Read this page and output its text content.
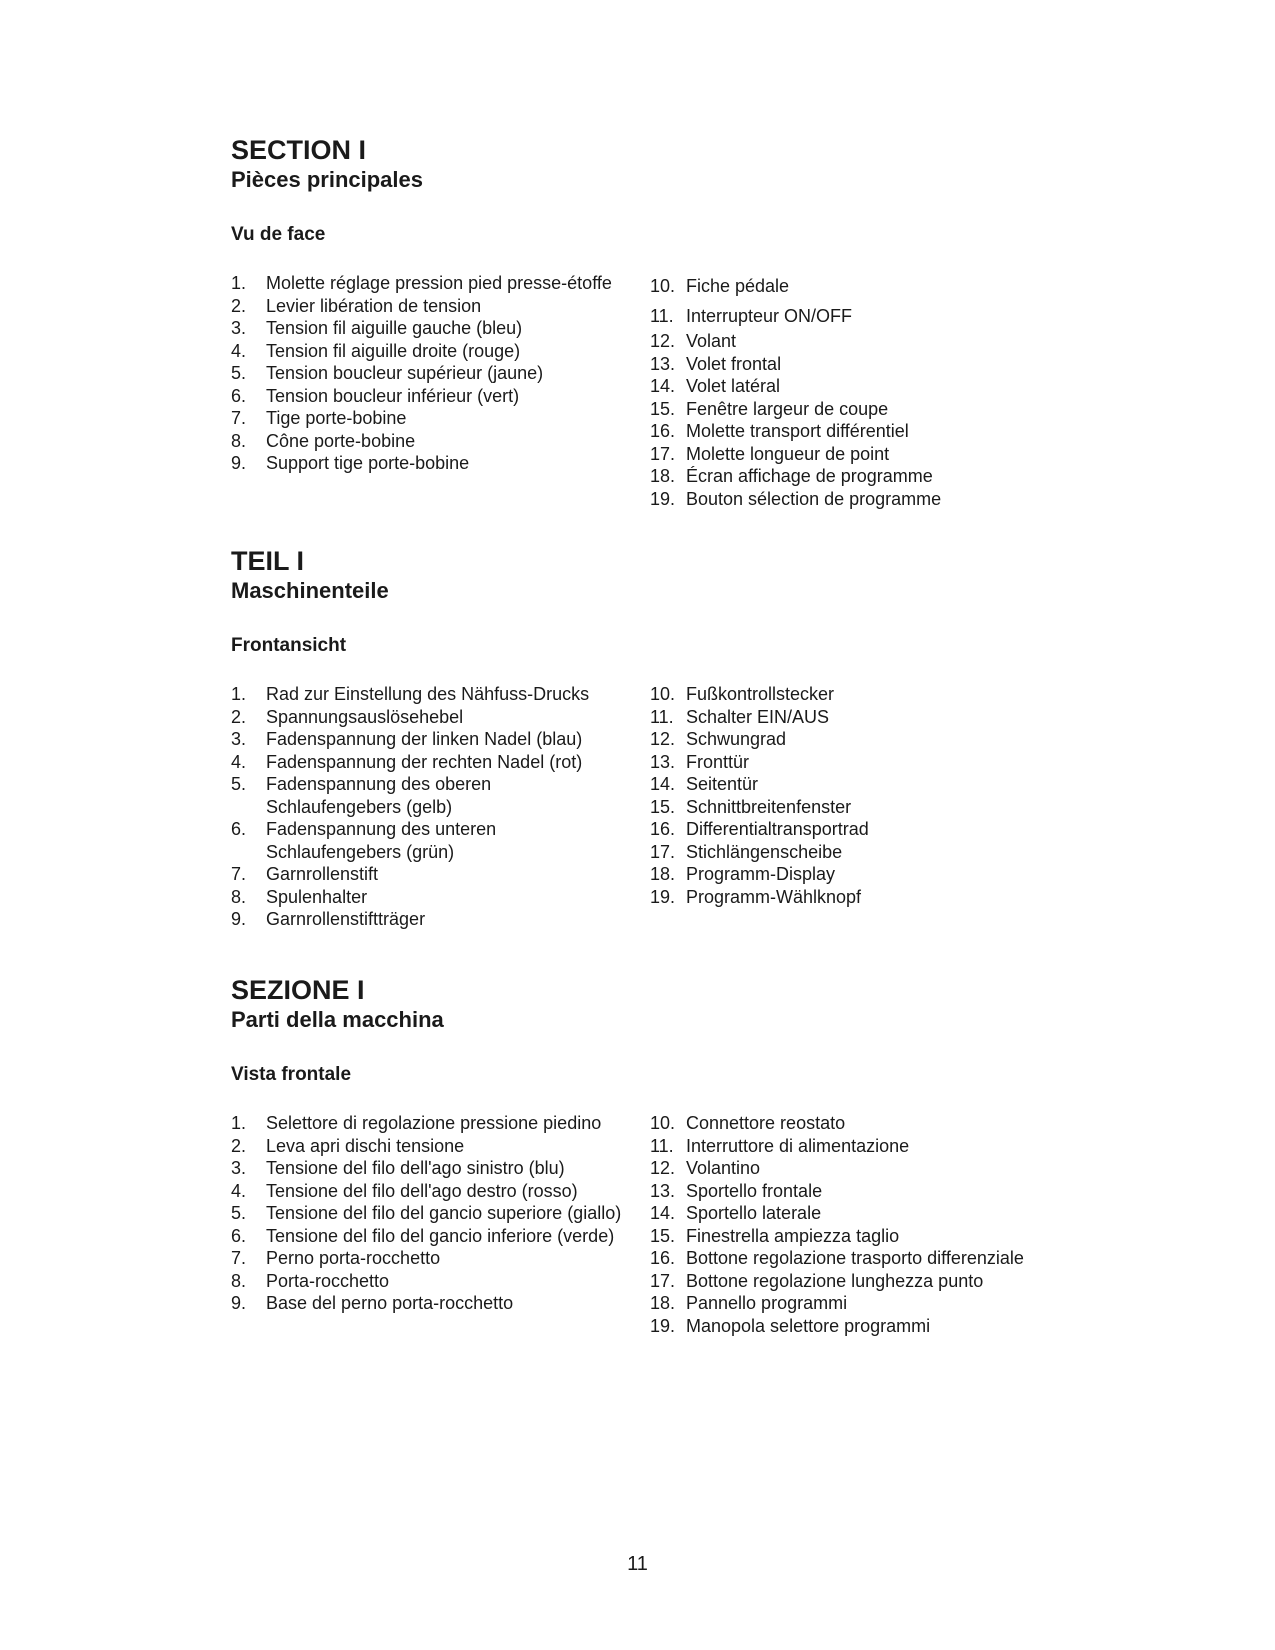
SECTION I
Pièces principales
Vu de face
1.	Molette réglage pression pied presse-étoffe
2.	Levier libération de tension
3.	Tension fil aiguille gauche (bleu)
4.	Tension fil aiguille droite (rouge)
5.	Tension boucleur supérieur (jaune)
6.	Tension boucleur inférieur (vert)
7.	Tige porte-bobine
8.	Cône porte-bobine
9.	Support tige porte-bobine
10. Fiche pédale
11. Interrupteur ON/OFF
12. Volant
13. Volet frontal
14. Volet latéral
15. Fenêtre largeur de coupe
16. Molette transport différentiel
17. Molette longueur de point
18. Écran affichage de programme
19. Bouton sélection de programme
TEIL I
Maschinenteile
Frontansicht
1.	Rad zur Einstellung des Nähfuss-Drucks
2.	Spannungsauslösehebel
3.	Fadenspannung der linken Nadel (blau)
4.	Fadenspannung der rechten Nadel (rot)
5.	Fadenspannung des oberen Schlaufengebers (gelb)
6.	Fadenspannung des unteren Schlaufengebers (grün)
7.	Garnrollenstift
8.	Spulenhalter
9.	Garnrollenstiftträger
10. Fußkontrollstecker
11. Schalter EIN/AUS
12. Schwungrad
13. Fronttür
14. Seitentür
15. Schnittbreitenfenster
16. Differentialtransportrad
17. Stichlängenscheibe
18. Programm-Display
19. Programm-Wählknopf
SEZIONE I
Parti della macchina
Vista frontale
1.	Selettore di regolazione pressione piedino
2.	Leva apri dischi tensione
3.	Tensione del filo dell'ago sinistro (blu)
4.	Tensione del filo dell'ago destro (rosso)
5.	Tensione del filo del gancio superiore (giallo)
6.	Tensione del filo del gancio inferiore (verde)
7.	Perno porta-rocchetto
8.	Porta-rocchetto
9.	Base del perno porta-rocchetto
10. Connettore reostato
11. Interruttore di alimentazione
12. Volantino
13. Sportello frontale
14. Sportello laterale
15. Finestrella ampiezza taglio
16. Bottone regolazione trasporto differenziale
17. Bottone regolazione lunghezza punto
18. Pannello programmi
19. Manopola selettore programmi
11
